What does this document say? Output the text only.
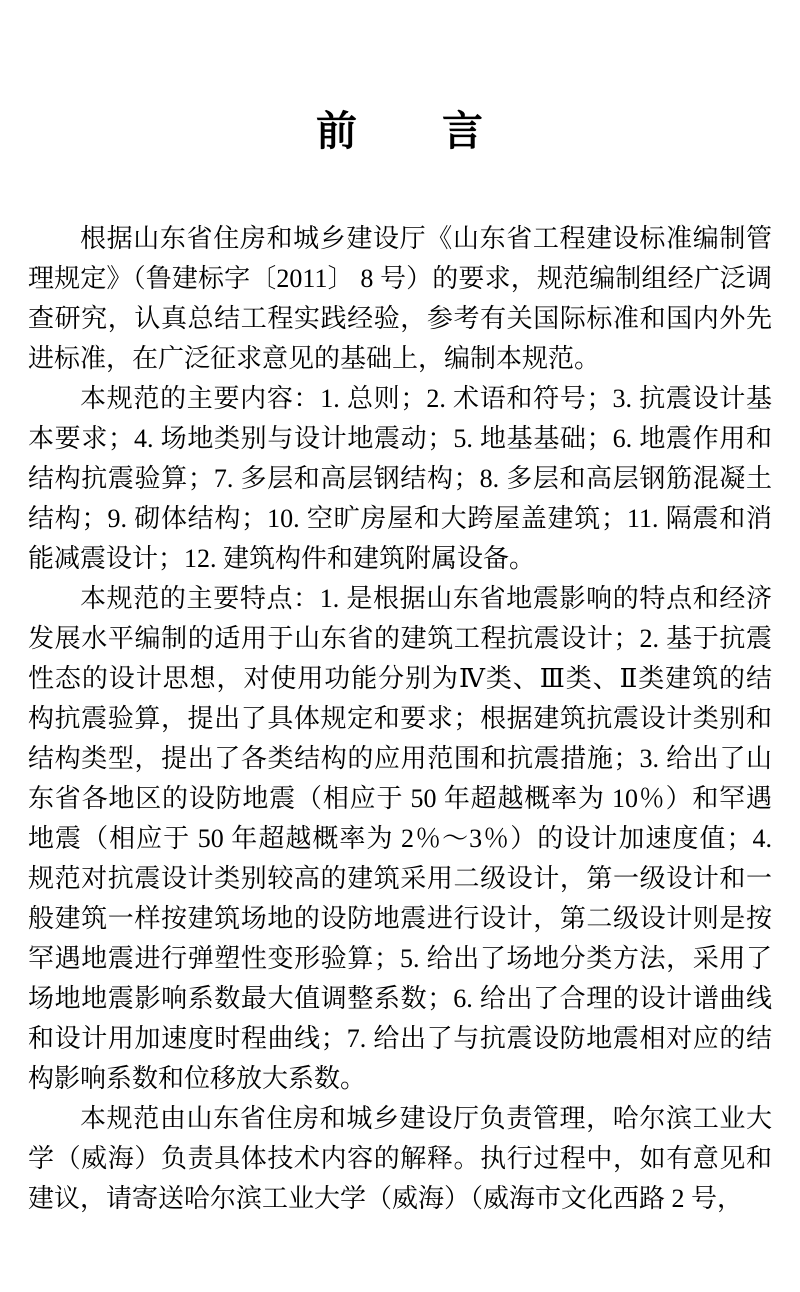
前　　言

根据山东省住房和城乡建设厅《山东省工程建设标准编制管理规定》（鲁建标字〔2011〕 8 号）的要求，规范编制组经广泛调查研究，认真总结工程实践经验，参考有关国际标准和国内外先进标准，在广泛征求意见的基础上，编制本规范。

本规范的主要内容：1. 总则；2. 术语和符号；3. 抗震设计基本要求；4. 场地类别与设计地震动；5. 地基基础；6. 地震作用和结构抗震验算；7. 多层和高层钢结构；8. 多层和高层钢筋混凝土结构；9. 砌体结构；10. 空旷房屋和大跨屋盖建筑；11. 隔震和消能减震设计；12. 建筑构件和建筑附属设备。

本规范的主要特点：1. 是根据山东省地震影响的特点和经济发展水平编制的适用于山东省的建筑工程抗震设计；2. 基于抗震性态的设计思想，对使用功能分别为Ⅳ类、Ⅲ类、Ⅱ类建筑的结构抗震验算，提出了具体规定和要求；根据建筑抗震设计类别和结构类型，提出了各类结构的应用范围和抗震措施；3. 给出了山东省各地区的设防地震（相应于 50 年超越概率为 10％）和罕遇地震（相应于 50 年超越概率为 2％～3％）的设计加速度值；4. 规范对抗震设计类别较高的建筑采用二级设计，第一级设计和一般建筑一样按建筑场地的设防地震进行设计，第二级设计则是按罕遇地震进行弹塑性变形验算；5. 给出了场地分类方法，采用了场地地震影响系数最大值调整系数；6. 给出了合理的设计谱曲线和设计用加速度时程曲线；7. 给出了与抗震设防地震相对应的结构影响系数和位移放大系数。

本规范由山东省住房和城乡建设厅负责管理，哈尔滨工业大学（威海）负责具体技术内容的解释。执行过程中，如有意见和建议，请寄送哈尔滨工业大学（威海）（威海市文化西路 2 号，
